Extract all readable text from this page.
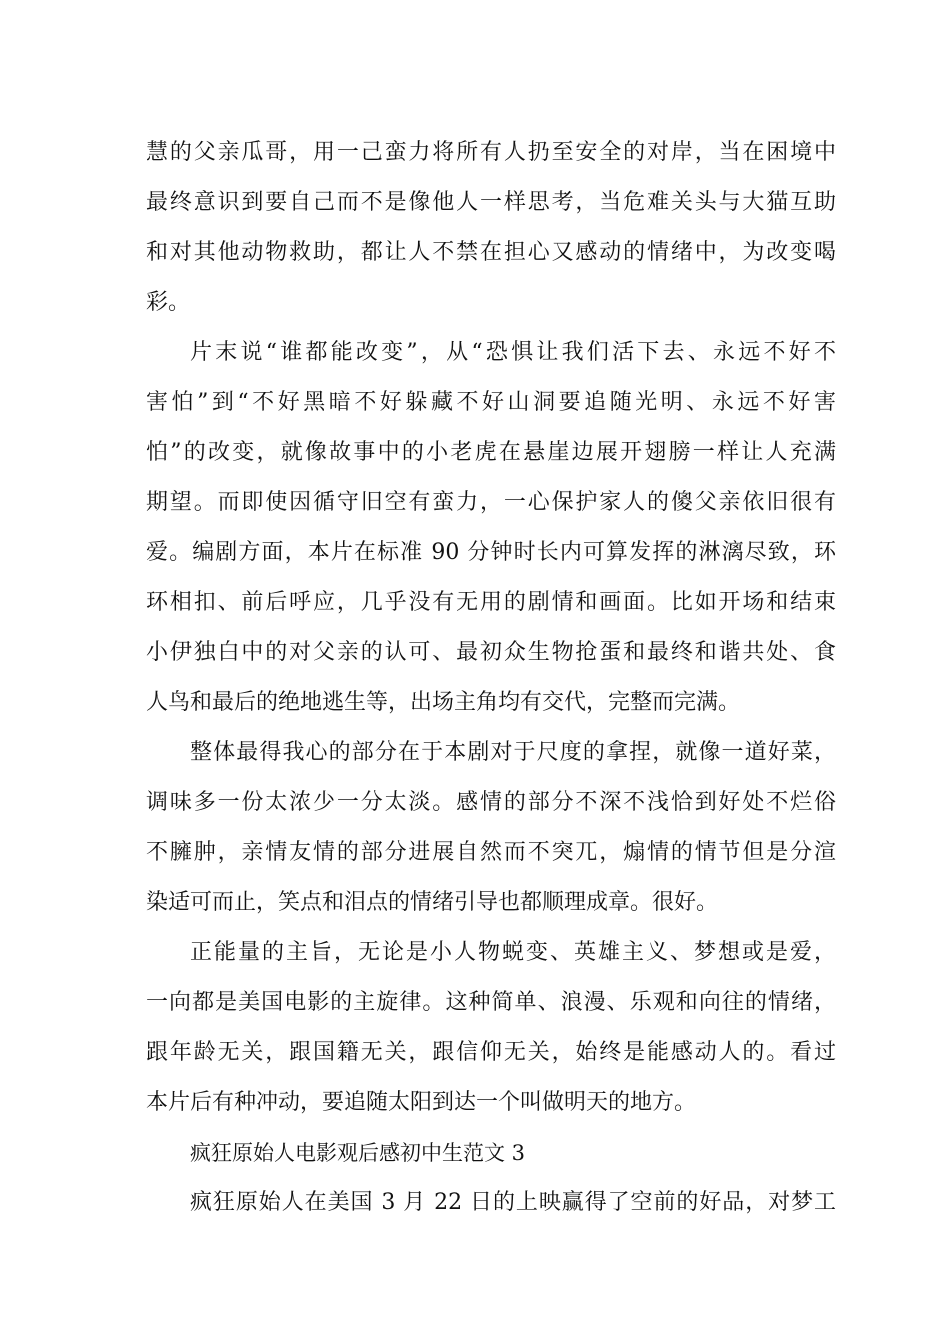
慧的父亲瓜哥，用一己蛮力将所有人扔至安全的对岸，当在困境中
最终意识到要自己而不是像他人一样思考，当危难关头与大猫互助
和对其他动物救助，都让人不禁在担心又感动的情绪中，为改变喝
彩。
片末说“谁都能改变”，从“恐惧让我们活下去、永远不好不
害怕”到“不好黑暗不好躲藏不好山洞要追随光明、永远不好害
怕”的改变，就像故事中的小老虎在悬崖边展开翅膀一样让人充满
期望。而即使因循守旧空有蛮力，一心保护家人的傻父亲依旧很有
爱。编剧方面，本片在标准 90 分钟时长内可算发挥的淋漓尽致，环
环相扣、前后呼应，几乎没有无用的剧情和画面。比如开场和结束
小伊独白中的对父亲的认可、最初众生物抢蛋和最终和谐共处、食
人鸟和最后的绝地逃生等，出场主角均有交代，完整而完满。
整体最得我心的部分在于本剧对于尺度的拿捏，就像一道好菜，
调味多一份太浓少一分太淡。感情的部分不深不浅恰到好处不烂俗
不臃肿，亲情友情的部分进展自然而不突兀，煽情的情节但是分渲
染适可而止，笑点和泪点的情绪引导也都顺理成章。很好。
正能量的主旨，无论是小人物蜕变、英雄主义、梦想或是爱，
一向都是美国电影的主旋律。这种简单、浪漫、乐观和向往的情绪，
跟年龄无关，跟国籍无关，跟信仰无关，始终是能感动人的。看过
本片后有种冲动，要追随太阳到达一个叫做明天的地方。
疯狂原始人电影观后感初中生范文 3
疯狂原始人在美国 3 月 22 日的上映赢得了空前的好品，对梦工
